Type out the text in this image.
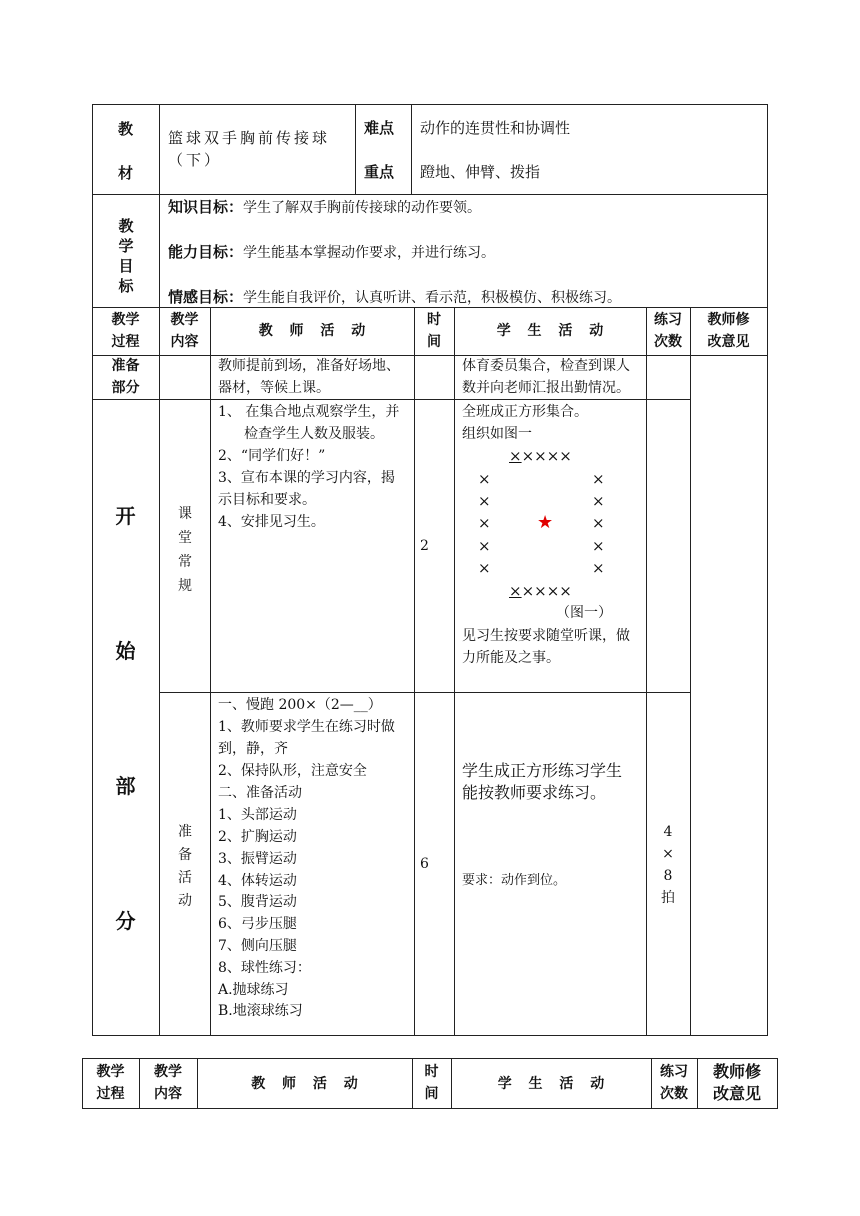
教
材
篮球双手胸前传接球（下）
难点 动作的连贯性和协调性
重点 蹬地、伸臂、拨指
教
学
目
标
知识目标：学生了解双手胸前传接球的动作要领。
能力目标：学生能基本掌握动作要求，并进行练习。
情感目标：学生能自我评价，认真听讲、看示范，积极模仿、积极练习。
教学
过程
教学
内容
教 师 活 动
时
间
学 生 活 动
练习
次数
教师修
改意见
准备
部分
教师提前到场，准备好场地、
器材，等候上课。
体育委员集合，检查到课人
数并向老师汇报出勤情况。
开
始
部
分
课
堂
常
规
1、 在集合地点观察学生，并
检查学生人数及服装。
2、“同学们好！”
3、宣布本课的学习内容，揭
示目标和要求。
4、安排见习生。
2
全班成正方形集合。
组织如图一
×××××
×
×
×
×
×
×
×
×
×
×
★
×××××
（图一）
见习生按要求随堂听课，做
力所能及之事。
准
备
活
动
一、慢跑 200×（2—__）
1、教师要求学生在练习时做
到，静，齐
2、保持队形，注意安全
二、准备活动
1、头部运动
2、扩胸运动
3、振臂运动
4、体转运动
5、腹背运动
6、弓步压腿
7、侧向压腿
8、球性练习：
A.抛球练习
B.地滚球练习
6
学生成正方形练习学生
能按教师要求练习。
要求：动作到位。
4
×
8
拍
教学
过程
教学
内容
教 师 活 动
时
间
学 生 活 动
练习
次数
教师修
改意见
